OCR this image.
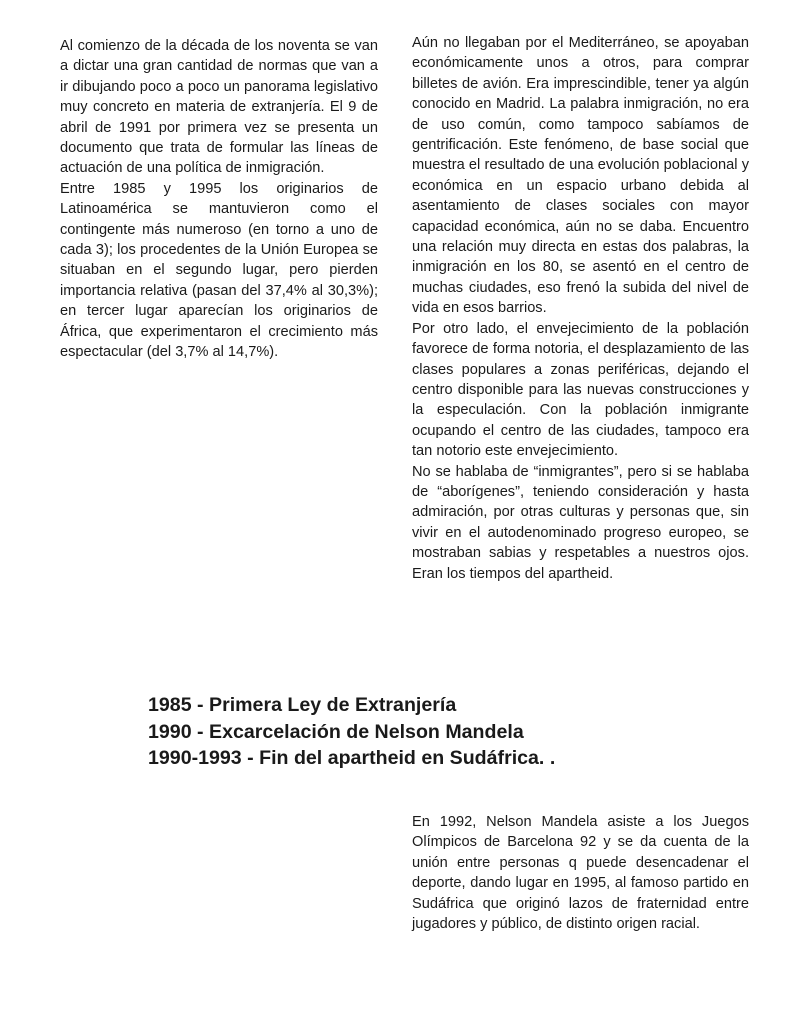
Al comienzo de la década de los noventa se van a dictar una gran cantidad de normas que van a ir dibujando poco a poco un panorama legislativo muy concreto en materia de extranjería. El 9 de abril de 1991 por primera vez se presenta un documento que trata de formular las líneas de actuación de una política de inmigración.

Entre 1985 y 1995 los originarios de Latinoamérica se mantuvieron como el contingente más numeroso (en torno a uno de cada 3); los procedentes de la Unión Europea se situaban en el segundo lugar, pero pierden importancia relativa (pasan del 37,4% al 30,3%); en tercer lugar aparecían los originarios de África, que experimentaron el crecimiento más espectacular (del 3,7% al 14,7%).

Aún no llegaban por el Mediterráneo, se apoyaban económicamente unos a otros, para comprar billetes de avión. Era imprescindible, tener ya algún conocido en Madrid. La palabra inmigración, no era de uso común, como tampoco sabíamos de gentrificación. Este fenómeno, de base social que muestra el resultado de una evolución poblacional y económica en un espacio urbano debida al asentamiento de clases sociales con mayor capacidad económica, aún no se daba. Encuentro una relación muy directa en estas dos palabras, la inmigración en los 80, se asentó en el centro de muchas ciudades, eso frenó la subida del nivel de vida en esos barrios.

Por otro lado, el envejecimiento de la población favorece de forma notoria, el desplazamiento de las clases populares a zonas periféricas, dejando el centro disponible para las nuevas construcciones y la especulación. Con la población inmigrante ocupando el centro de las ciudades, tampoco era tan notorio este envejecimiento.

No se hablaba de “inmigrantes”, pero si se hablaba de “aborígenes”, teniendo consideración y hasta admiración, por otras culturas y personas que, sin vivir en el autodenominado progreso europeo, se mostraban sabias y respetables a nuestros ojos. Eran los tiempos del apartheid.

1985 - Primera Ley de Extranjería
1990 - Excarcelación de Nelson Mandela
1990-1993 - Fin del apartheid en Sudáfrica. .

En 1992, Nelson Mandela asiste a los Juegos Olímpicos de Barcelona 92 y se da cuenta de la unión entre personas q puede desencadenar el deporte, dando lugar en 1995, al famoso partido en Sudáfrica que originó lazos de fraternidad entre jugadores y público, de distinto origen racial.
